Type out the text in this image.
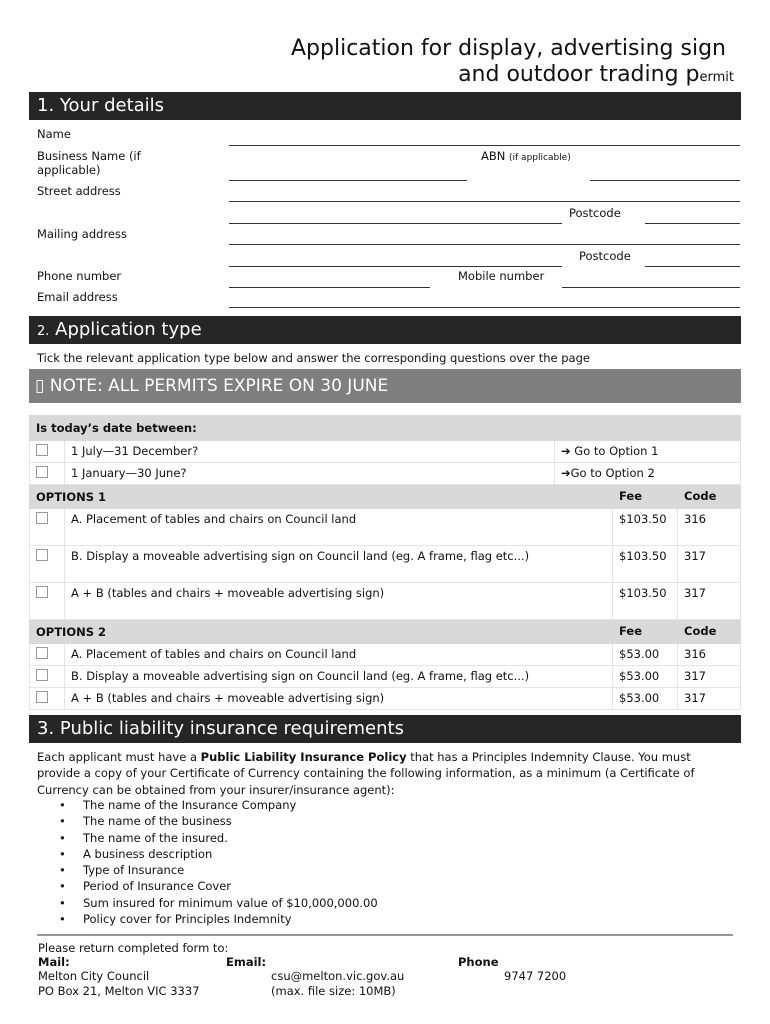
Application for display, advertising sign
and outdoor trading permit
1. Your details
Name
Business Name (if applicable)
ABN (if applicable)
Street address
Postcode
Mailing address
Postcode
Phone number	Mobile number
Email address
2. Application type
Tick the relevant application type below and answer the corresponding questions over the page
▯ NOTE: ALL PERMITS EXPIRE ON 30 JUNE
Is today’s date between:		
	1 July—31 December?	➔ Go to Option 1
	1 January—30 June?	➔Go to Option 2
OPTIONS 1		Fee	Code
	A. Placement of tables and chairs on Council land	$103.50	316
	B. Display a moveable advertising sign on Council land (eg. A frame, flag etc...)	$103.50	317
	A + B (tables and chairs + moveable advertising sign)	$103.50	317
OPTIONS 2		Fee	Code
	A. Placement of tables and chairs on Council land	$53.00	316
	B. Display a moveable advertising sign on Council land (eg. A frame, flag etc...)	$53.00	317
	A + B (tables and chairs + moveable advertising sign)	$53.00	317
3. Public liability insurance requirements
Each applicant must have a Public Liability Insurance Policy that has a Principles Indemnity Clause. You must provide a copy of your Certificate of Currency containing the following information, as a minimum (a Certificate of Currency can be obtained from your insurer/insurance agent):
• The name of the Insurance Company
• The name of the business
• The name of the insured.
• A business description
• Type of Insurance
• Period of Insurance Cover
• Sum insured for minimum value of $10,000,000.00
• Policy cover for Principles Indemnity
Please return completed form to:
Mail:
Melton City Council
PO Box 21, Melton VIC 3337
Email:
csu@melton.vic.gov.au
(max. file size: 10MB)
Phone
9747 7200
